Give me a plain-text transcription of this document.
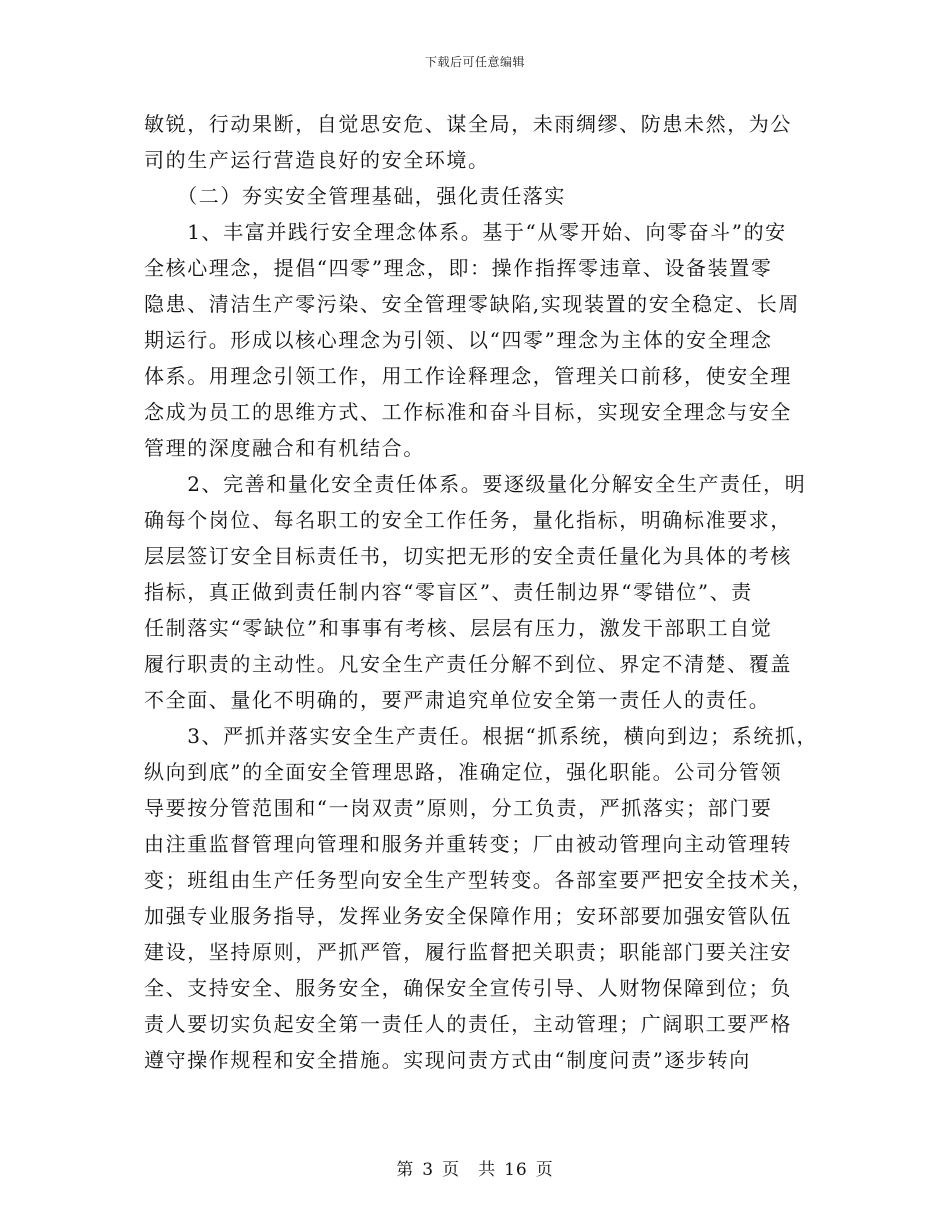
下载后可任意编辑
敏锐，行动果断，自觉思安危、谋全局，未雨绸缪、防患未然，为公
司的生产运行营造良好的安全环境。
　　（二）夯实安全管理基础，强化责任落实
　　1、丰富并践行安全理念体系。基于“从零开始、向零奋斗”的安
全核心理念，提倡“四零”理念，即：操作指挥零违章、设备装置零
隐患、清洁生产零污染、安全管理零缺陷,实现装置的安全稳定、长周
期运行。形成以核心理念为引领、以“四零”理念为主体的安全理念
体系。用理念引领工作，用工作诠释理念，管理关口前移，使安全理
念成为员工的思维方式、工作标准和奋斗目标，实现安全理念与安全
管理的深度融合和有机结合。
　　2、完善和量化安全责任体系。要逐级量化分解安全生产责任，明
确每个岗位、每名职工的安全工作任务，量化指标，明确标准要求，
层层签订安全目标责任书，切实把无形的安全责任量化为具体的考核
指标，真正做到责任制内容“零盲区”、责任制边界“零错位”、责
任制落实“零缺位”和事事有考核、层层有压力，激发干部职工自觉
履行职责的主动性。凡安全生产责任分解不到位、界定不清楚、覆盖
不全面、量化不明确的，要严肃追究单位安全第一责任人的责任。
　　3、严抓并落实安全生产责任。根据“抓系统，横向到边；系统抓，
纵向到底”的全面安全管理思路，准确定位，强化职能。公司分管领
导要按分管范围和“一岗双责”原则，分工负责，严抓落实；部门要
由注重监督管理向管理和服务并重转变；厂由被动管理向主动管理转
变；班组由生产任务型向安全生产型转变。各部室要严把安全技术关，
加强专业服务指导，发挥业务安全保障作用；安环部要加强安管队伍
建设，坚持原则，严抓严管，履行监督把关职责；职能部门要关注安
全、支持安全、服务安全，确保安全宣传引导、人财物保障到位；负
责人要切实负起安全第一责任人的责任，主动管理；广阔职工要严格
遵守操作规程和安全措施。实现问责方式由“制度问责”逐步转向
第 3 页　共 16 页
